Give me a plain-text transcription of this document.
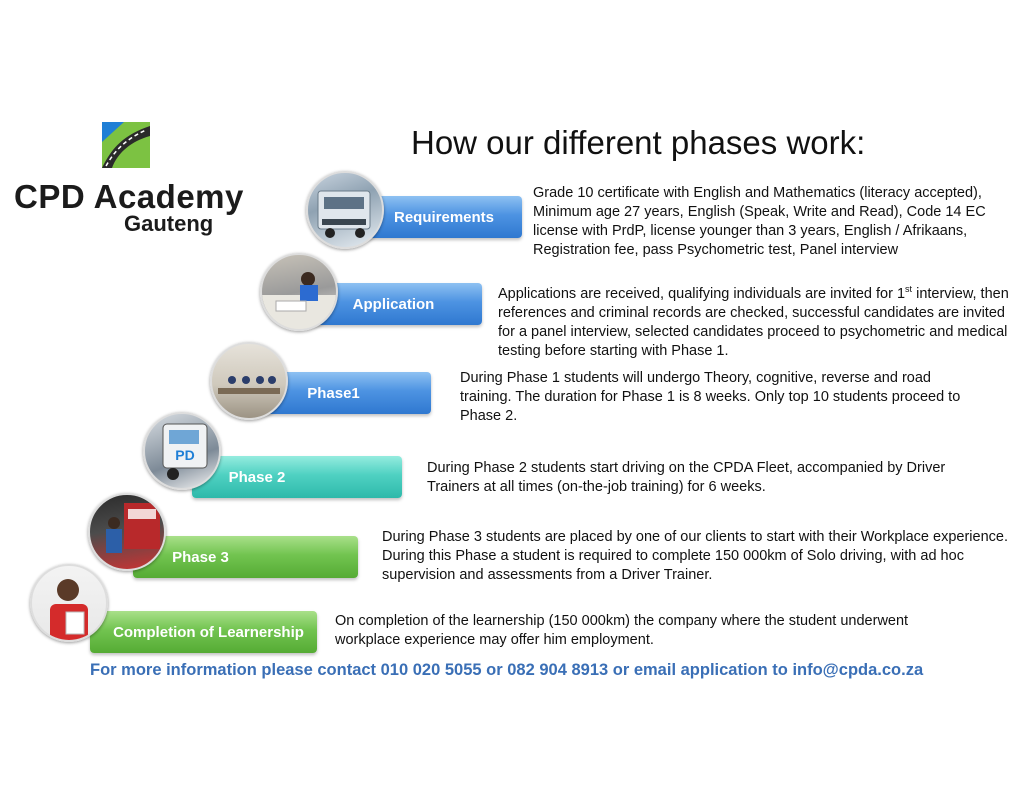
CPD Academy
Gauteng
How our different phases work:
Requirements
Grade 10 certificate with English and Mathematics (literacy accepted), Minimum age 27 years, English (Speak, Write and Read), Code 14 EC license with PrdP, license younger than 3 years, English / Afrikaans, Registration fee, pass Psychometric test, Panel interview
Application
Applications are received, qualifying individuals are invited for 1st interview, then references and criminal records are checked, successful candidates are invited for a panel interview, selected candidates proceed to psychometric and medical testing before starting with Phase 1.
Phase1
During Phase 1 students will undergo Theory, cognitive, reverse and road training. The duration for Phase 1 is 8 weeks. Only top 10 students proceed to Phase 2.
Phase 2
PD
During Phase 2 students start driving on the CPDA Fleet, accompanied by Driver Trainers at all times (on-the-job training) for 6 weeks.
Phase 3
During Phase 3 students are placed by one of our clients to start with their Workplace experience. During this Phase a student is required to complete 150 000km of Solo driving, with ad hoc supervision and assessments from a Driver Trainer.
Completion of Learnership
On completion of the learnership (150 000km) the company where the student underwent workplace experience may offer him employment.
For more information please contact 010 020 5055 or 082 904 8913 or email application to info@cpda.co.za
